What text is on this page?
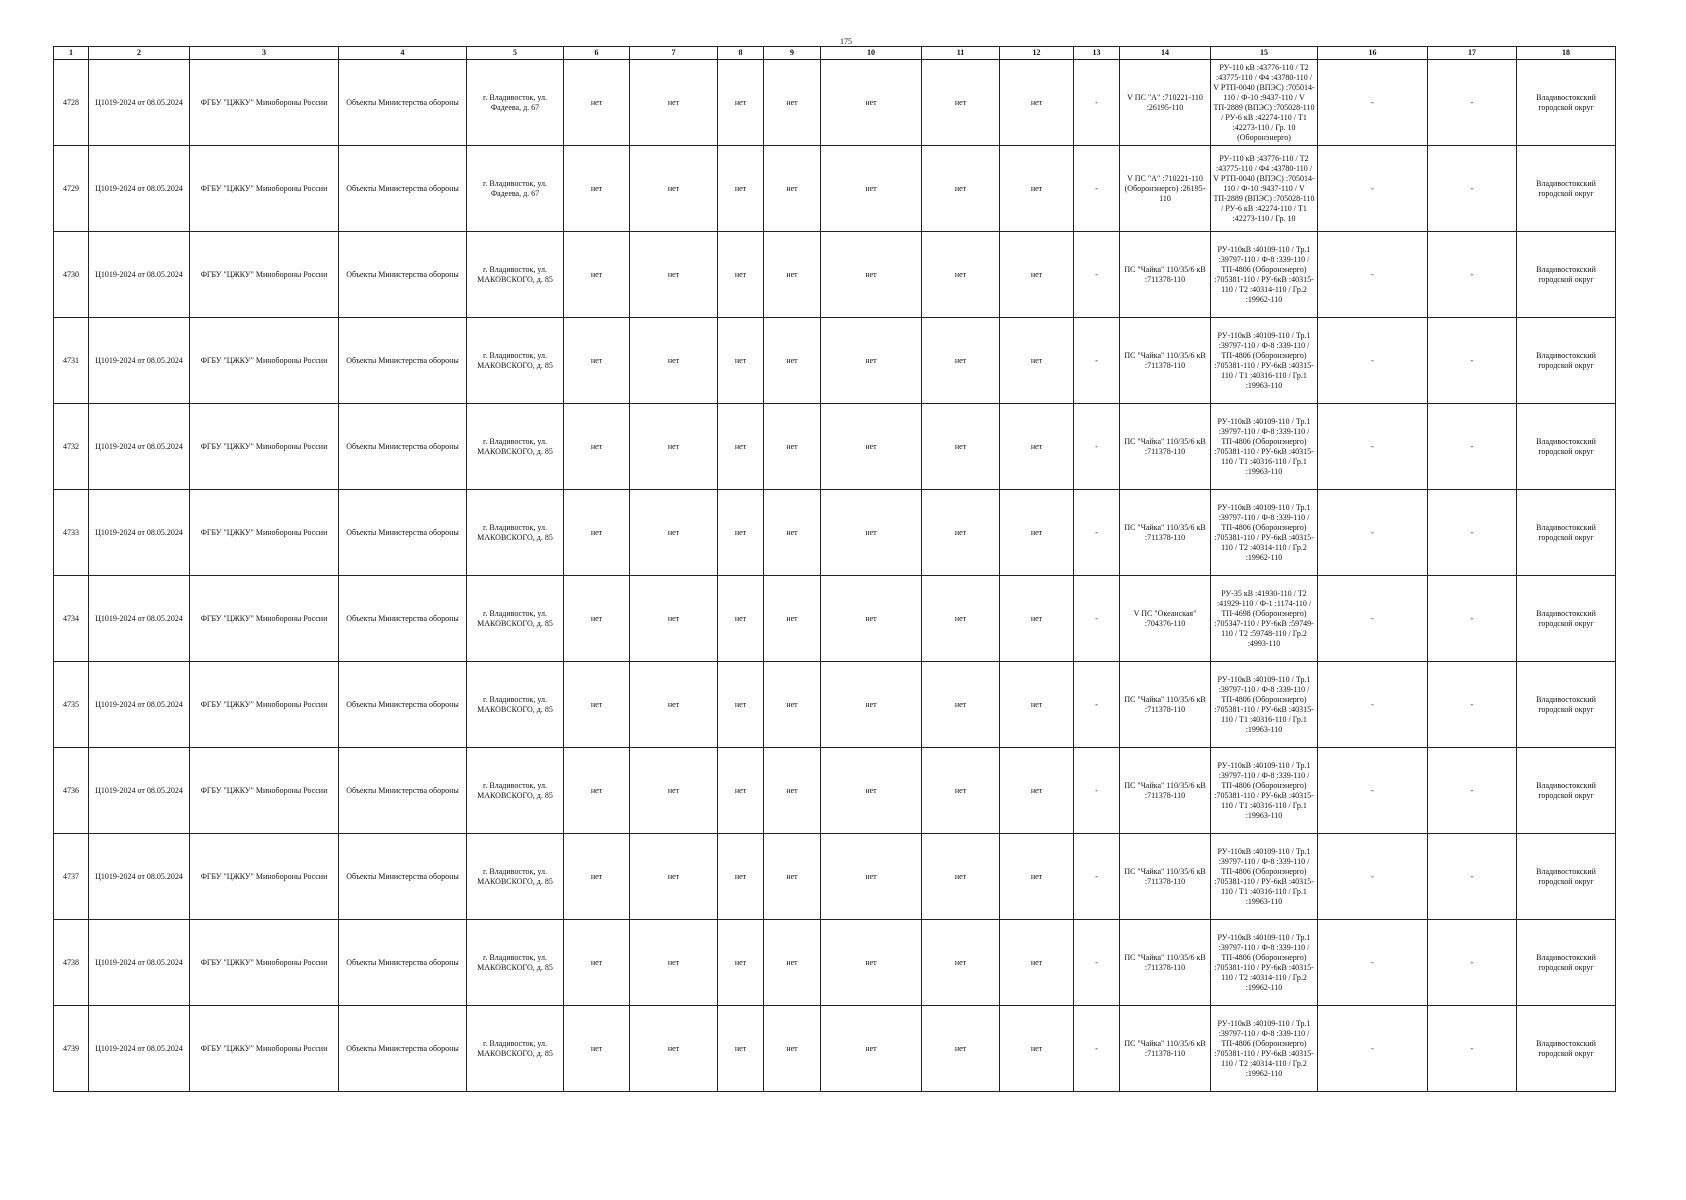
175
1	2	3	4	5	6	7	8	9	10	11	12	13	14	15	16	17	18
4728	Ц1019-2024 от 08.05.2024	ФГБУ "ЦЖКУ" Минобороны России	Объекты Министерства обороны	г. Владивосток, ул. Фадеева, д. 67	нет	нет	нет	нет	нет	нет	нет	-	V ПС "А" :710221-110 :26195-110	РУ-110 кВ :43776-110 / Т2 :43775-110 / Ф4 :43780-110 / V РТП-0040 (ВПЭС) :705014-110 / Ф-10 :9437-110 / V ТП-2889 (ВПЭС) :705028-110 / РУ-6 кВ :42274-110 / Т1 :42273-110 / Гр. 10 (Оборонэнерго)	-	-	Владивостокский городской округ
4729	Ц1019-2024 от 08.05.2024	ФГБУ "ЦЖКУ" Минобороны России	Объекты Министерства обороны	г. Владивосток, ул. Фадеева, д. 67	нет	нет	нет	нет	нет	нет	нет	-	V ПС "А" :710221-110 (Оборонэнерго) :26195-110	РУ-110 кВ :43776-110 / Т2 :43775-110 / Ф4 :43780-110 / V РТП-0040 (ВПЭС) :705014-110 / Ф-10 :9437-110 / V ТП-2889 (ВПЭС) :705028-110 / РУ-6 кВ :42274-110 / Т1 :42273-110 / Гр. 10	-	-	Владивостокский городской округ
4730	Ц1019-2024 от 08.05.2024	ФГБУ "ЦЖКУ" Минобороны России	Объекты Министерства обороны	г. Владивосток, ул. МАКОВСКОГО, д. 85	нет	нет	нет	нет	нет	нет	нет	-	ПС "Чайка" 110/35/6 кВ :711378-110	РУ-110кВ :40109-110 / Тр.1 :39797-110 / Ф-8 :339-110 / ТП-4806 (Оборонэнерго) :705381-110 / РУ-6кВ :40315-110 / Т2 :40314-110 / Гр.2 :19962-110	-	-	Владивостокский городской округ
4731	Ц1019-2024 от 08.05.2024	ФГБУ "ЦЖКУ" Минобороны России	Объекты Министерства обороны	г. Владивосток, ул. МАКОВСКОГО, д. 85	нет	нет	нет	нет	нет	нет	нет	-	ПС "Чайка" 110/35/6 кВ :711378-110	РУ-110кВ :40109-110 / Тр.1 :39797-110 / Ф-8 :339-110 / ТП-4806 (Оборонэнерго) :705381-110 / РУ-6кВ :40315-110 / Т1 :40316-110 / Гр.1 :19963-110	-	-	Владивостокский городской округ
4732	Ц1019-2024 от 08.05.2024	ФГБУ "ЦЖКУ" Минобороны России	Объекты Министерства обороны	г. Владивосток, ул. МАКОВСКОГО, д. 85	нет	нет	нет	нет	нет	нет	нет	-	ПС "Чайка" 110/35/6 кВ :711378-110	РУ-110кВ :40109-110 / Тр.1 :39797-110 / Ф-8 :339-110 / ТП-4806 (Оборонэнерго) :705381-110 / РУ-6кВ :40315-110 / Т1 :40316-110 / Гр.1 :19963-110	-	-	Владивостокский городской округ
4733	Ц1019-2024 от 08.05.2024	ФГБУ "ЦЖКУ" Минобороны России	Объекты Министерства обороны	г. Владивосток, ул. МАКОВСКОГО, д. 85	нет	нет	нет	нет	нет	нет	нет	-	ПС "Чайка" 110/35/6 кВ :711378-110	РУ-110кВ :40109-110 / Тр.1 :39797-110 / Ф-8 :339-110 / ТП-4806 (Оборонэнерго) :705381-110 / РУ-6кВ :40315-110 / Т2 :40314-110 / Гр.2 :19962-110	-	-	Владивостокский городской округ
4734	Ц1019-2024 от 08.05.2024	ФГБУ "ЦЖКУ" Минобороны России	Объекты Министерства обороны	г. Владивосток, ул. МАКОВСКОГО, д. 85	нет	нет	нет	нет	нет	нет	нет	-	V ПС "Океанская" :704376-110	РУ-35 кВ :41930-110 / Т2 :41929-110 / Ф-1 :1174-110 / ТП-4698 (Оборонэнерго) :705347-110 / РУ-6кВ :59749-110 / Т2 :59748-110 / Гр.2 :4993-110	-	-	Владивостокский городской округ
4735	Ц1019-2024 от 08.05.2024	ФГБУ "ЦЖКУ" Минобороны России	Объекты Министерства обороны	г. Владивосток, ул. МАКОВСКОГО, д. 85	нет	нет	нет	нет	нет	нет	нет	-	ПС "Чайка" 110/35/6 кВ :711378-110	РУ-110кВ :40109-110 / Тр.1 :39797-110 / Ф-8 :339-110 / ТП-4806 (Оборонэнерго) :705381-110 / РУ-6кВ :40315-110 / Т1 :40316-110 / Гр.1 :19963-110	-	-	Владивостокский городской округ
4736	Ц1019-2024 от 08.05.2024	ФГБУ "ЦЖКУ" Минобороны России	Объекты Министерства обороны	г. Владивосток, ул. МАКОВСКОГО, д. 85	нет	нет	нет	нет	нет	нет	нет	-	ПС "Чайка" 110/35/6 кВ :711378-110	РУ-110кВ :40109-110 / Тр.1 :39797-110 / Ф-8 :339-110 / ТП-4806 (Оборонэнерго) :705381-110 / РУ-6кВ :40315-110 / Т1 :40316-110 / Гр.1 :19963-110	-	-	Владивостокский городской округ
4737	Ц1019-2024 от 08.05.2024	ФГБУ "ЦЖКУ" Минобороны России	Объекты Министерства обороны	г. Владивосток, ул. МАКОВСКОГО, д. 85	нет	нет	нет	нет	нет	нет	нет	-	ПС "Чайка" 110/35/6 кВ :711378-110	РУ-110кВ :40109-110 / Тр.1 :39797-110 / Ф-8 :339-110 / ТП-4806 (Оборонэнерго) :705381-110 / РУ-6кВ :40315-110 / Т1 :40316-110 / Гр.1 :19963-110	-	-	Владивостокский городской округ
4738	Ц1019-2024 от 08.05.2024	ФГБУ "ЦЖКУ" Минобороны России	Объекты Министерства обороны	г. Владивосток, ул. МАКОВСКОГО, д. 85	нет	нет	нет	нет	нет	нет	нет	-	ПС "Чайка" 110/35/6 кВ :711378-110	РУ-110кВ :40109-110 / Тр.1 :39797-110 / Ф-8 :339-110 / ТП-4806 (Оборонэнерго) :705381-110 / РУ-6кВ :40315-110 / Т2 :40314-110 / Гр.2 :19962-110	-	-	Владивостокский городской округ
4739	Ц1019-2024 от 08.05.2024	ФГБУ "ЦЖКУ" Минобороны России	Объекты Министерства обороны	г. Владивосток, ул. МАКОВСКОГО, д. 85	нет	нет	нет	нет	нет	нет	нет	-	ПС "Чайка" 110/35/6 кВ :711378-110	РУ-110кВ :40109-110 / Тр.1 :39797-110 / Ф-8 :339-110 / ТП-4806 (Оборонэнерго) :705381-110 / РУ-6кВ :40315-110 / Т2 :40314-110 / Гр.2 :19962-110	-	-	Владивостокский городской округ
